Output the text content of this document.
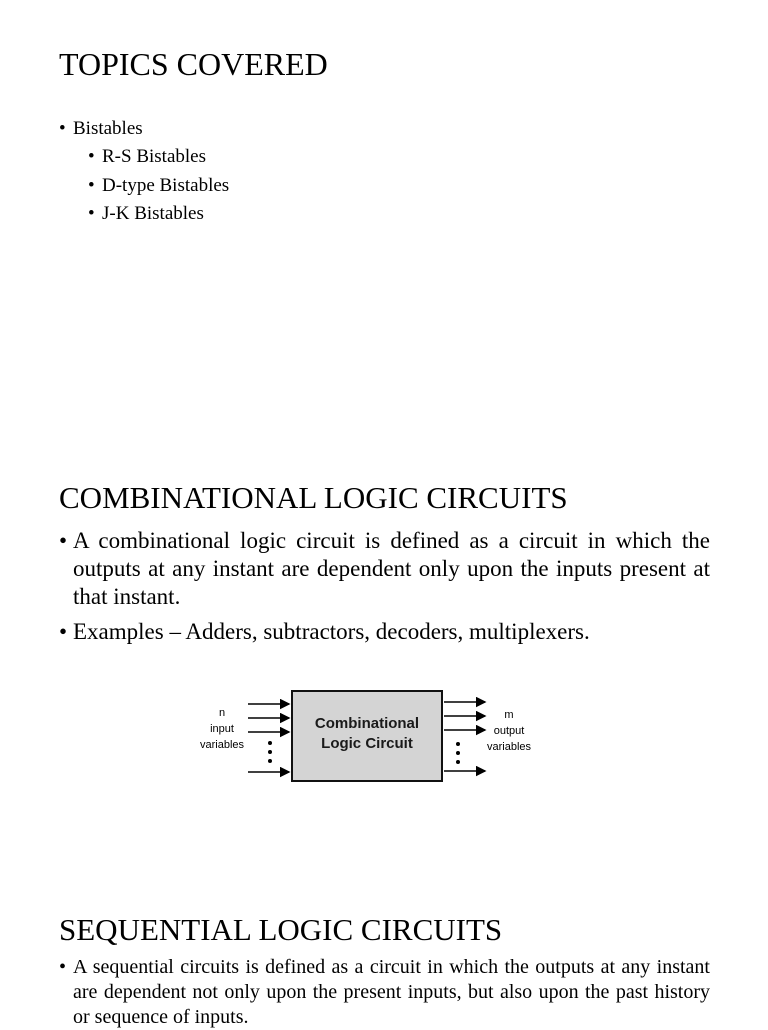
TOPICS COVERED
• Bistables
• R-S Bistables
• D-type Bistables
• J-K Bistables
COMBINATIONAL LOGIC CIRCUITS
• A combinational logic circuit is defined as a circuit in which the outputs at any instant are dependent only upon the inputs present at that instant.
• Examples – Adders, subtractors, decoders, multiplexers.
n
input
variables
Combinational
Logic Circuit
m
output
variables
SEQUENTIAL LOGIC CIRCUITS
• A sequential circuits is defined as a circuit in which the outputs at any instant are dependent not only upon the present inputs, but also upon the past history or sequence of inputs.
